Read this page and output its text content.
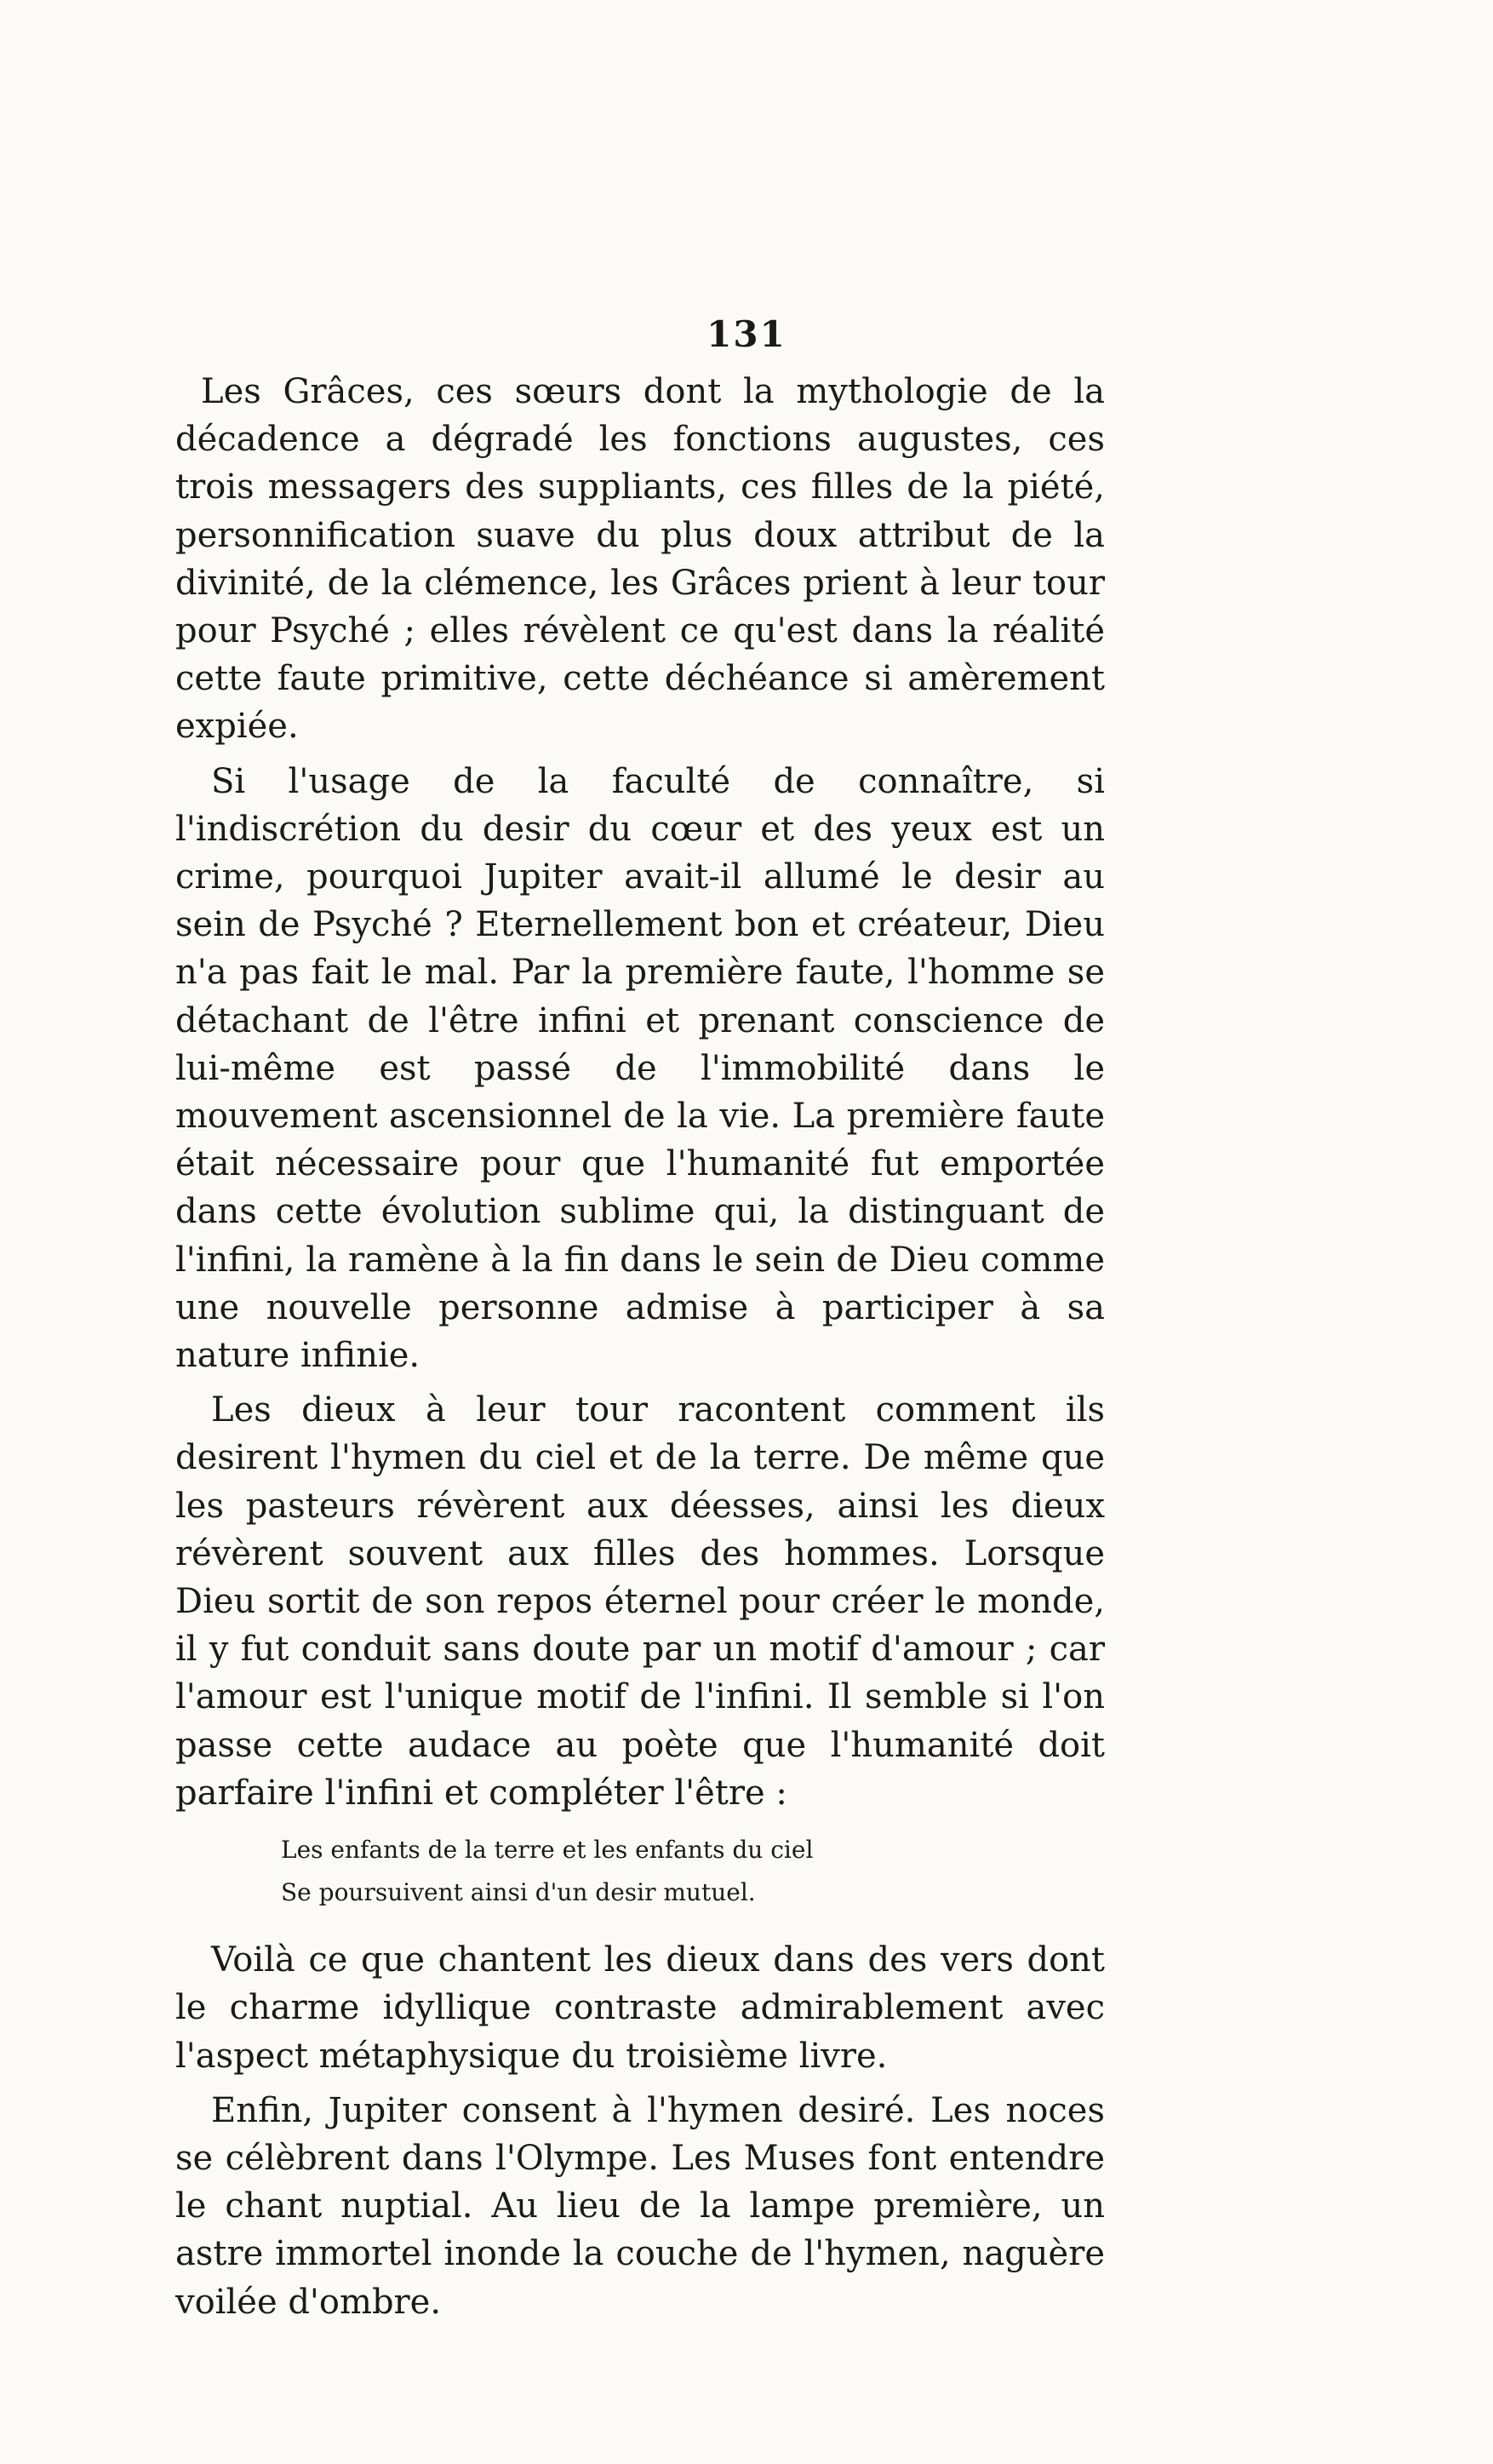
131

Les Grâces, ces sœurs dont la mythologie de la décadence a dégradé les fonctions augustes, ces trois messagers des suppliants, ces filles de la piété, personnification suave du plus doux attribut de la divinité, de la clémence, les Grâces prient à leur tour pour Psyché ; elles révèlent ce qu'est dans la réalité cette faute primitive, cette déchéance si amèrement expiée.

Si l'usage de la faculté de connaître, si l'indiscrétion du desir du cœur et des yeux est un crime, pourquoi Jupiter avait-il allumé le desir au sein de Psyché ? Eternellement bon et créateur, Dieu n'a pas fait le mal. Par la première faute, l'homme se détachant de l'être infini et prenant conscience de lui-même est passé de l'immobilité dans le mouvement ascensionnel de la vie. La première faute était nécessaire pour que l'humanité fut emportée dans cette évolution sublime qui, la distinguant de l'infini, la ramène à la fin dans le sein de Dieu comme une nouvelle personne admise à participer à sa nature infinie.

Les dieux à leur tour racontent comment ils desirent l'hymen du ciel et de la terre. De même que les pasteurs révèrent aux déesses, ainsi les dieux révèrent souvent aux filles des hommes. Lorsque Dieu sortit de son repos éternel pour créer le monde, il y fut conduit sans doute par un motif d'amour ; car l'amour est l'unique motif de l'infini. Il semble si l'on passe cette audace au poète que l'humanité doit parfaire l'infini et compléter l'être :

Les enfants de la terre et les enfants du ciel
Se poursuivent ainsi d'un desir mutuel.

Voilà ce que chantent les dieux dans des vers dont le charme idyllique contraste admirablement avec l'aspect métaphysique du troisième livre.

Enfin, Jupiter consent à l'hymen desiré. Les noces se célèbrent dans l'Olympe. Les Muses font entendre le chant nuptial. Au lieu de la lampe première, un astre immortel inonde la couche de l'hymen, naguère voilée d'ombre.
